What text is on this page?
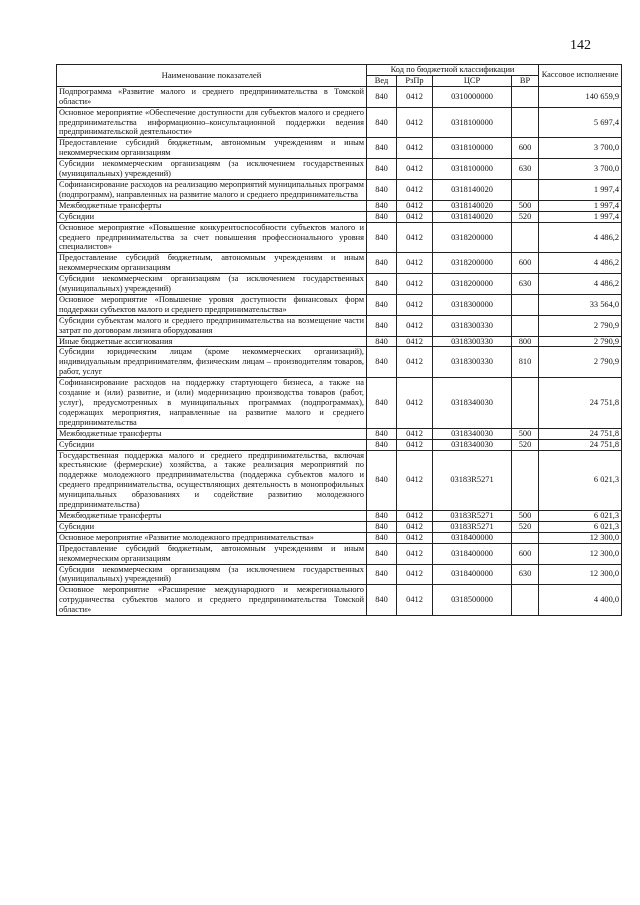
142
Наименование показателей	Код по бюджетной классификации				Кассовое исполнение
	Вед	РзПр	ЦСР	ВР	
Подпрограмма «Развитие малого и среднего предпринимательства в Томской области»	840	0412	0310000000		140 659,9
Основное мероприятие «Обеспечение доступности для субъектов малого и среднего предпринимательства информационно–консультационной поддержки ведения предпринимательской деятельности»	840	0412	0318100000		5 697,4
Предоставление субсидий бюджетным, автономным учреждениям и иным некоммерческим организациям	840	0412	0318100000	600	3 700,0
Субсидии некоммерческим организациям (за исключением государственных (муниципальных) учреждений)	840	0412	0318100000	630	3 700,0
Софинансирование расходов на реализацию мероприятий муниципальных программ (подпрограмм), направленных на развитие малого и среднего предпринимательства	840	0412	0318140020		1 997,4
Межбюджетные трансферты	840	0412	0318140020	500	1 997,4
Субсидии	840	0412	0318140020	520	1 997,4
Основное мероприятие «Повышение конкурентоспособности субъектов малого и среднего предпринимательства за счет повышения профессионального уровня специалистов»	840	0412	0318200000		4 486,2
Предоставление субсидий бюджетным, автономным учреждениям и иным некоммерческим организациям	840	0412	0318200000	600	4 486,2
Субсидии некоммерческим организациям (за исключением государственных (муниципальных) учреждений)	840	0412	0318200000	630	4 486,2
Основное мероприятие «Повышение уровня доступности финансовых форм поддержки субъектов малого и среднего предпринимательства»	840	0412	0318300000		33 564,0
Субсидии субъектам малого и среднего предпринимательства на возмещение части затрат по договорам лизинга оборудования	840	0412	0318300330		2 790,9
Иные бюджетные ассигнования	840	0412	0318300330	800	2 790,9
Субсидии юридическим лицам (кроме некоммерческих организаций), индивидуальным предпринимателям, физическим лицам – производителям товаров, работ, услуг	840	0412	0318300330	810	2 790,9
Софинансирование расходов на поддержку стартующего бизнеса, а также на создание и (или) развитие, и (или) модернизацию производства товаров (работ, услуг), предусмотренных в муниципальных программах (подпрограммах), содержащих мероприятия, направленные на развитие малого и среднего предпринимательства	840	0412	0318340030		24 751,8
Межбюджетные трансферты	840	0412	0318340030	500	24 751,8
Субсидии	840	0412	0318340030	520	24 751,8
Государственная поддержка малого и среднего предпринимательства, включая крестьянские (фермерские) хозяйства, а также реализация мероприятий по поддержке молодежного предпринимательства (поддержка субъектов малого и среднего предпринимательства, осуществляющих деятельность в монопрофильных муниципальных образованиях и содействие развитию молодежного предпринимательства)	840	0412	03183R5271		6 021,3
Межбюджетные трансферты	840	0412	03183R5271	500	6 021,3
Субсидии	840	0412	03183R5271	520	6 021,3
Основное мероприятие «Развитие молодежного предпринимательства»	840	0412	0318400000		12 300,0
Предоставление субсидий бюджетным, автономным учреждениям и иным некоммерческим организациям	840	0412	0318400000	600	12 300,0
Субсидии некоммерческим организациям (за исключением государственных (муниципальных) учреждений)	840	0412	0318400000	630	12 300,0
Основное мероприятие «Расширение международного и межрегионального сотрудничества субъектов малого и среднего предпринимательства Томской области»	840	0412	0318500000		4 400,0
